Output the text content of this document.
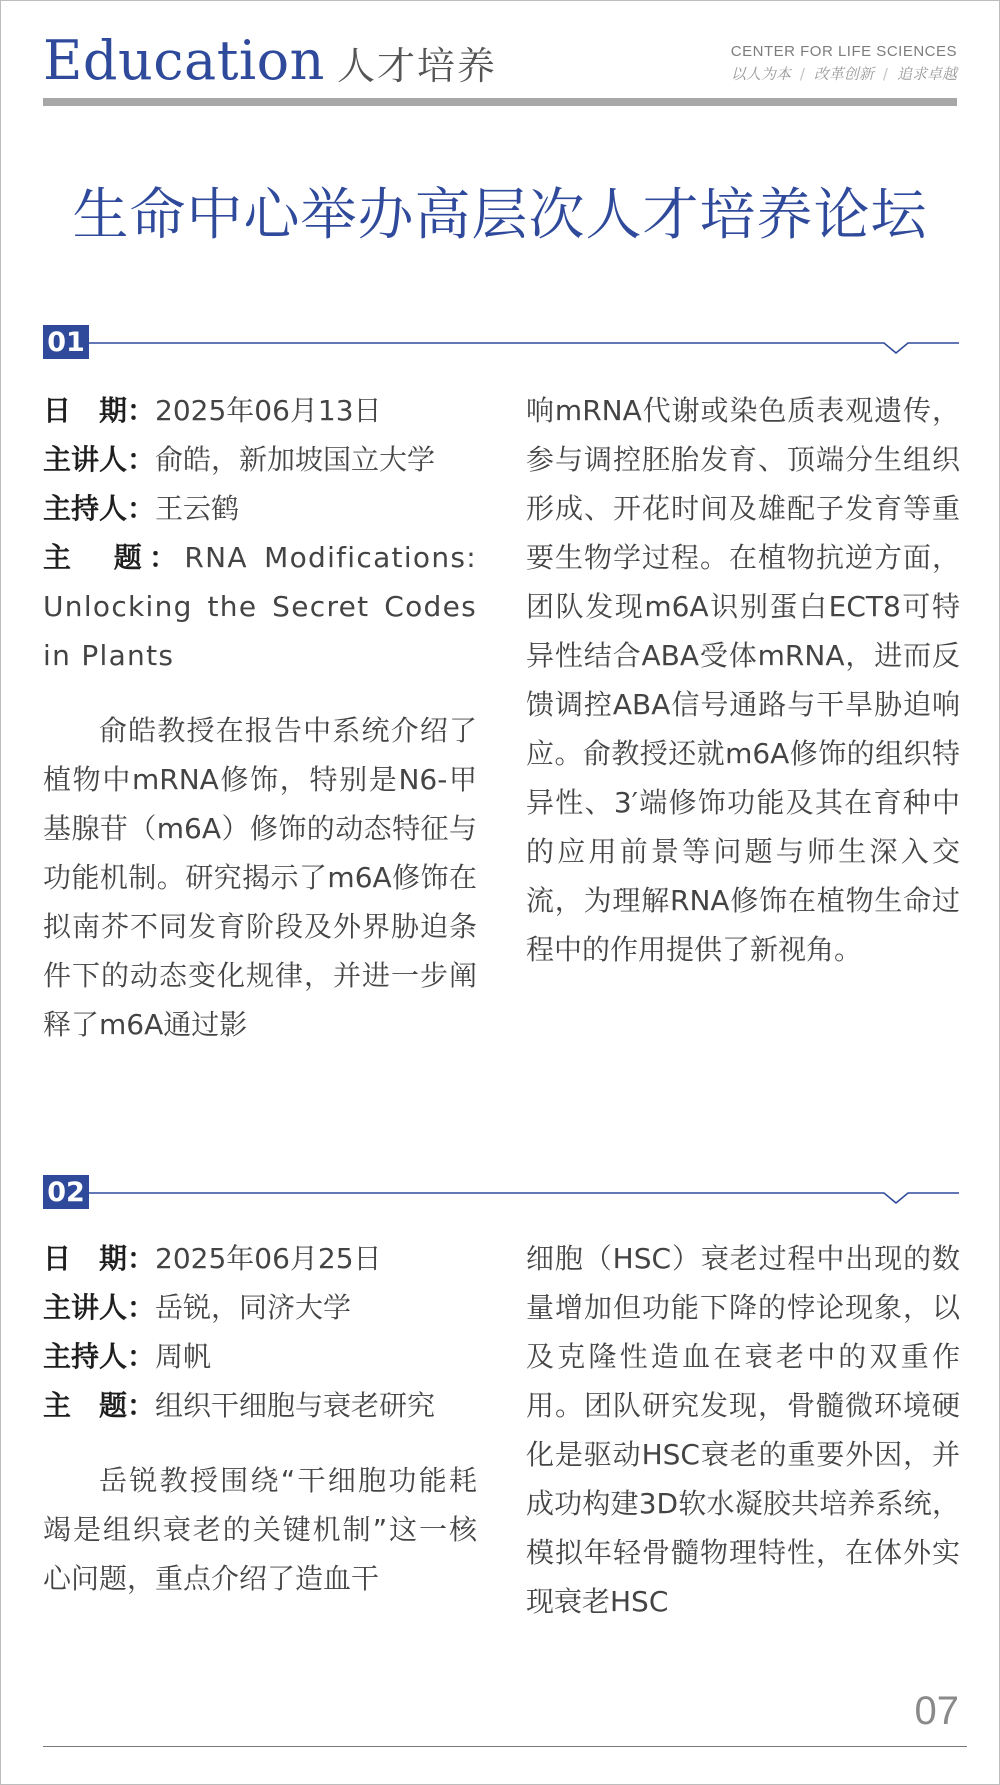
Education 人才培养	CENTER FOR LIFE SCIENCES
以人为本 / 改革创新 / 追求卓越
生命中心举办高层次人才培养论坛
01
日　期：2025年06月13日
主讲人：俞皓，新加坡国立大学
主持人：王云鹤
主　题：RNA Modifications: Unlocking the Secret Codes in Plants
俞皓教授在报告中系统介绍了植物中mRNA修饰，特别是N6-甲基腺苷（m6A）修饰的动态特征与功能机制。研究揭示了m6A修饰在拟南芥不同发育阶段及外界胁迫条件下的动态变化规律，并进一步阐释了m6A通过影
响mRNA代谢或染色质表观遗传，参与调控胚胎发育、顶端分生组织形成、开花时间及雄配子发育等重要生物学过程。在植物抗逆方面，团队发现m6A识别蛋白ECT8可特异性结合ABA受体mRNA，进而反馈调控ABA信号通路与干旱胁迫响应。俞教授还就m6A修饰的组织特异性、3′端修饰功能及其在育种中的应用前景等问题与师生深入交流，为理解RNA修饰在植物生命过程中的作用提供了新视角。
02
日　期：2025年06月25日
主讲人：岳锐，同济大学
主持人：周帆
主　题：组织干细胞与衰老研究
岳锐教授围绕“干细胞功能耗竭是组织衰老的关键机制”这一核心问题，重点介绍了造血干
细胞（HSC）衰老过程中出现的数量增加但功能下降的悖论现象，以及克隆性造血在衰老中的双重作用。团队研究发现，骨髓微环境硬化是驱动HSC衰老的重要外因，并成功构建3D软水凝胶共培养系统，模拟年轻骨髓物理特性，在体外实现衰老HSC
07
